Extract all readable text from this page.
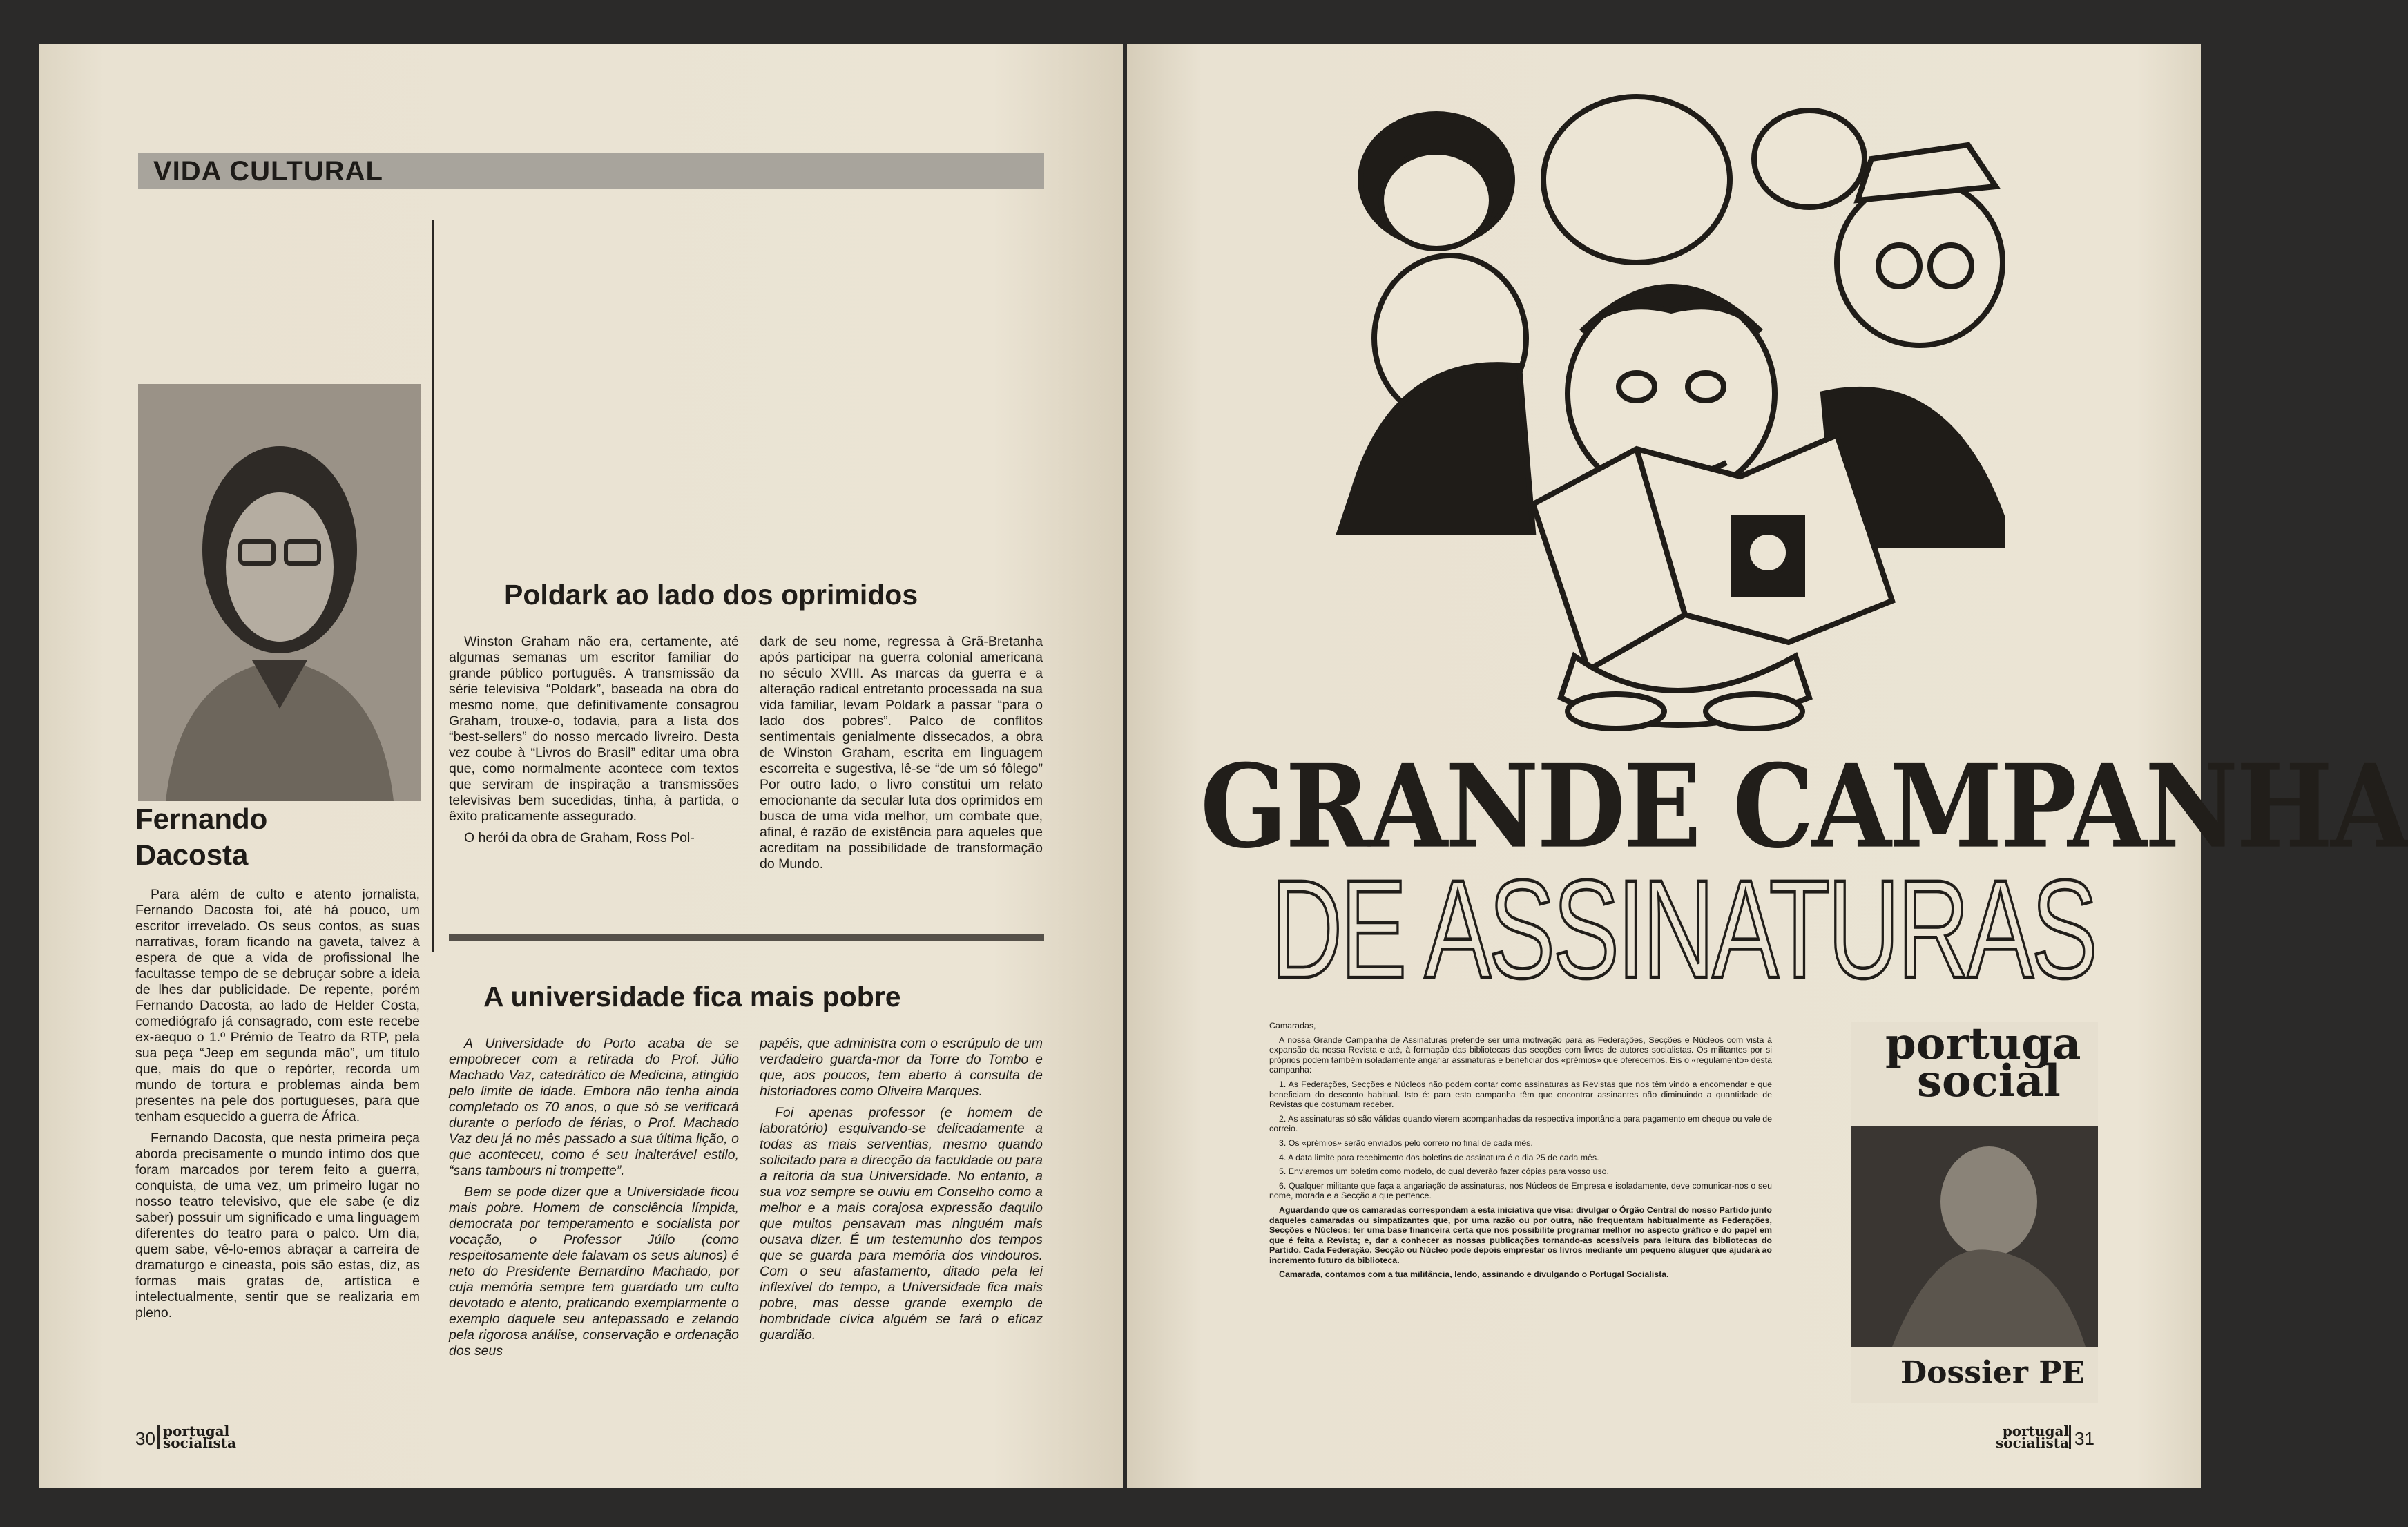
VIDA CULTURAL
Fernando
Dacosta

Para além de culto e atento jornalista, Fernando Dacosta foi, até há pouco, um escritor irrevelado. Os seus contos, as suas narrativas, foram ficando na gaveta, talvez à espera de que a vida de profissional lhe facultasse tempo de se debruçar sobre a ideia de lhes dar publicidade. De repente, porém Fernando Dacosta, ao lado de Helder Costa, comediógrafo já consagrado, com este recebe ex-aequo o 1.º Prémio de Teatro da RTP, pela sua peça “Jeep em segunda mão”, um título que, mais do que o repórter, recorda um mundo de tortura e problemas ainda bem presentes na pele dos portugueses, para que tenham esquecido a guerra de África.

Fernando Dacosta, que nesta primeira peça aborda precisamente o mundo íntimo dos que foram marcados por terem feito a guerra, conquista, de uma vez, um primeiro lugar no nosso teatro televisivo, que ele sabe (e diz saber) possuir um significado e uma linguagem diferentes do teatro para o palco. Um dia, quem sabe, vê-lo-emos abraçar a carreira de dramaturgo e cineasta, pois são estas, diz, as formas mais gratas de, artística e intelectualmente, sentir que se realizaria em pleno.

Poldark ao lado dos oprimidos

Winston Graham não era, certamente, até algumas semanas um escritor familiar do grande público português. A transmissão da série televisiva “Poldark”, baseada na obra do mesmo nome, que definitivamente consagrou Graham, trouxe-o, todavia, para a lista dos “best-sellers” do nosso mercado livreiro. Desta vez coube à “Livros do Brasil” editar uma obra que, como normalmente acontece com textos que serviram de inspiração a transmissões televisivas bem sucedidas, tinha, à partida, o êxito praticamente assegurado.

O herói da obra de Graham, Ross Pol-

dark de seu nome, regressa à Grã-Bretanha após participar na guerra colonial americana no século XVIII. As marcas da guerra e a alteração radical entretanto processada na sua vida familiar, levam Poldark a passar “para o lado dos pobres”. Palco de conflitos sentimentais genialmente dissecados, a obra de Winston Graham, escrita em linguagem escorreita e sugestiva, lê-se “de um só fôlego” Por outro lado, o livro constitui um relato emocionante da secular luta dos oprimidos em busca de uma vida melhor, um combate que, afinal, é razão de existência para aqueles que acreditam na possibilidade de transformação do Mundo.

A universidade fica mais pobre

A Universidade do Porto acaba de se empobrecer com a retirada do Prof. Júlio Machado Vaz, catedrático de Medicina, atingido pelo limite de idade. Embora não tenha ainda completado os 70 anos, o que só se verificará durante o período de férias, o Prof. Machado Vaz deu já no mês passado a sua última lição, o que aconteceu, como é seu inalterável estilo, “sans tambours ni trompette”.

Bem se pode dizer que a Universidade ficou mais pobre. Homem de consciência límpida, democrata por temperamento e socialista por vocação, o Professor Júlio (como respeitosamente dele falavam os seus alunos) é neto do Presidente Bernardino Machado, por cuja memória sempre tem guardado um culto devotado e atento, praticando exemplarmente o exemplo daquele seu antepassado e zelando pela rigorosa análise, conservação e ordenação dos seus

papéis, que administra com o escrúpulo de um verdadeiro guarda-mor da Torre do Tombo e que, aos poucos, tem aberto à consulta de historiadores como Oliveira Marques.

Foi apenas professor (e homem de laboratório) esquivando-se delicadamente a todas as mais serventias, mesmo quando solicitado para a direcção da faculdade ou para a reitoria da sua Universidade. No entanto, a sua voz sempre se ouviu em Conselho como a melhor e a mais corajosa expressão daquilo que muitos pensavam mas ninguém mais ousava dizer. É um testemunho dos tempos que se guarda para memória dos vindouros. Com o seu afastamento, ditado pela lei inflexível do tempo, a Universidade fica mais pobre, mas desse grande exemplo de hombridade cívica alguém se fará o eficaz guardião.

30 portugal
socialista
GRANDE CAMPANHA
DE ASSINATURAS

Camaradas,

A nossa Grande Campanha de Assinaturas pretende ser uma motivação para as Federações, Secções e Núcleos com vista à expansão da nossa Revista e até, à formação das bibliotecas das secções com livros de autores socialistas. Os militantes por si próprios podem também isoladamente angariar assinaturas e beneficiar dos «prémios» que oferecemos. Eis o «regulamento» desta campanha:

1. As Federações, Secções e Núcleos não podem contar como assinaturas as Revistas que nos têm vindo a encomendar e que beneficiam do desconto habitual. Isto é: para esta campanha têm que encontrar assinantes não diminuindo a quantidade de Revistas que costumam receber.

2. As assinaturas só são válidas quando vierem acompanhadas da respectiva importância para pagamento em cheque ou vale de correio.

3. Os «prémios» serão enviados pelo correio no final de cada mês.

4. A data limite para recebimento dos boletins de assinatura é o dia 25 de cada mês.

5. Enviaremos um boletim como modelo, do qual deverão fazer cópias para vosso uso.

6. Qualquer militante que faça a angariação de assinaturas, nos Núcleos de Empresa e isoladamente, deve comunicar-nos o seu nome, morada e a Secção a que pertence.

Aguardando que os camaradas correspondam a esta iniciativa que visa: divulgar o Órgão Central do nosso Partido junto daqueles camaradas ou simpatizantes que, por uma razão ou por outra, não frequentam habitualmente as Federações, Secções e Núcleos; ter uma base financeira certa que nos possibilite programar melhor no aspecto gráfico e do papel em que é feita a Revista; e, dar a conhecer as nossas publicações tornando-as acessíveis para leitura das bibliotecas do Partido. Cada Federação, Secção ou Núcleo pode depois emprestar os livros mediante um pequeno aluguer que ajudará ao incremento futuro da biblioteca.

Camarada, contamos com a tua militância, lendo, assinando e divulgando o Portugal Socialista.

portuga
social
Dossier PE
portugal
socialista 31
